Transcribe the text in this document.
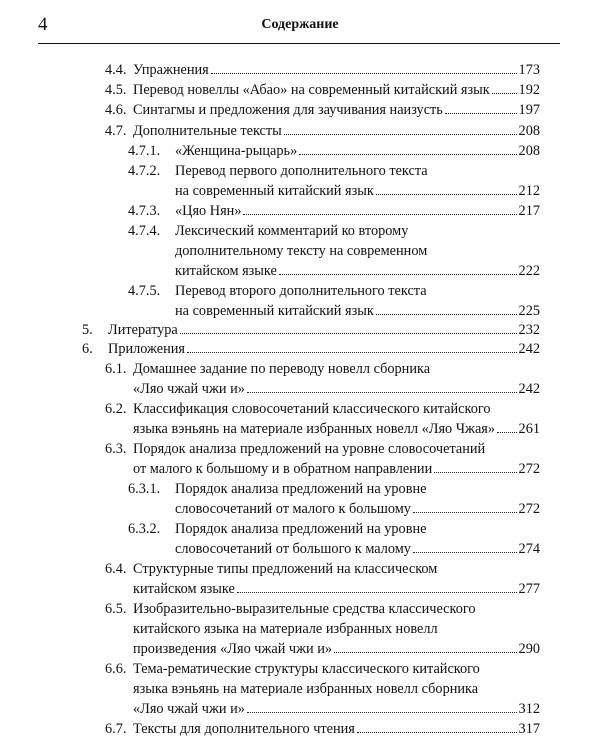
4	Содержание
4.4. Упражнения	173
4.5. Перевод новеллы «Абао» на современный китайский язык 192
4.6. Синтагмы и предложения для заучивания наизусть	197
4.7. Дополнительные тексты	208
4.7.1.	«Женщина-рыцарь»	208
4.7.2.	Перевод первого дополнительного текста
на современный китайский язык	212
4.7.3.	«Цяо Нян»	217
4.7.4.	Лексический комментарий ко второму
дополнительному тексту на современном
китайском языке	222
4.7.5.	Перевод второго дополнительного текста
на современный китайский язык	225
5.	Литература	232
6.	Приложения	242
6.1. Домашнее задание по переводу новелл сборника
«Ляо чжай чжи и»	242
6.2. Классификация словосочетаний классического китайского
языка вэньянь на материале избранных новелл «Ляо Чжая» 261
6.3. Порядок анализа предложений на уровне словосочетаний
от малого к большому и в обратном направлении	272
6.3.1.	Порядок анализа предложений на уровне
словосочетаний от малого к большому	272
6.3.2.	Порядок анализа предложений на уровне
словосочетаний от большого к малому	274
6.4. Структурные типы предложений на классическом
китайском языке	277
6.5. Изобразительно-выразительные средства классического
китайского языка на материале избранных новелл
произведения «Ляо чжай чжи и»	290
6.6. Тема-рематические структуры классического китайского
языка вэньянь на материале избранных новелл сборника
«Ляо чжай чжи и»	312
6.7. Тексты для дополнительного чтения	317
